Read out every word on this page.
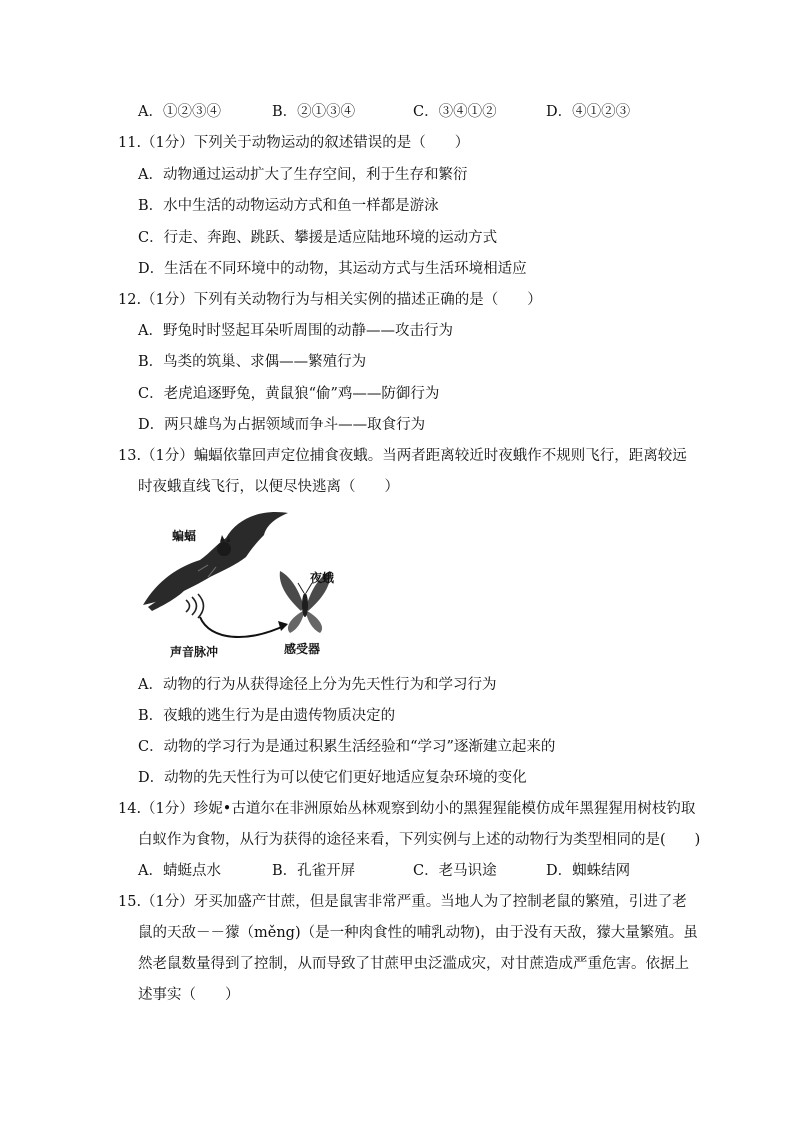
A．①②③④	B．②①③④	C．③④①②	D．④①②③
11.（1分）下列关于动物运动的叙述错误的是（　　）
A．动物通过运动扩大了生存空间，利于生存和繁衍
B．水中生活的动物运动方式和鱼一样都是游泳
C．行走、奔跑、跳跃、攀援是适应陆地环境的运动方式
D．生活在不同环境中的动物，其运动方式与生活环境相适应
12.（1分）下列有关动物行为与相关实例的描述正确的是（　　）
A．野兔时时竖起耳朵听周围的动静——攻击行为
B．鸟类的筑巢、求偶——繁殖行为
C．老虎追逐野兔，黄鼠狼“偷”鸡——防御行为
D．两只雄鸟为占据领域而争斗——取食行为
13.（1分）蝙蝠依靠回声定位捕食夜蛾。当两者距离较近时夜蛾作不规则飞行，距离较远
时夜蛾直线飞行，以便尽快逃离（　　）
蝙蝠
夜蛾
声音脉冲	感受器
A．动物的行为从获得途径上分为先天性行为和学习行为
B．夜蛾的逃生行为是由遗传物质决定的
C．动物的学习行为是通过积累生活经验和“学习”逐渐建立起来的
D．动物的先天性行为可以使它们更好地适应复杂环境的变化
14.（1分）珍妮•古道尔在非洲原始丛林观察到幼小的黑猩猩能模仿成年黑猩猩用树枝钓取
白蚁作为食物，从行为获得的途径来看，下列实例与上述的动物行为类型相同的是(　　)
A．蜻蜓点水	B．孔雀开屏	C．老马识途	D．蜘蛛结网
15.（1分）牙买加盛产甘蔗，但是鼠害非常严重。当地人为了控制老鼠的繁殖，引进了老
鼠的天敌－－獴（měng)（是一种肉食性的哺乳动物)，由于没有天敌，獴大量繁殖。虽
然老鼠数量得到了控制，从而导致了甘蔗甲虫泛滥成灾，对甘蔗造成严重危害。依据上
述事实（　　）
